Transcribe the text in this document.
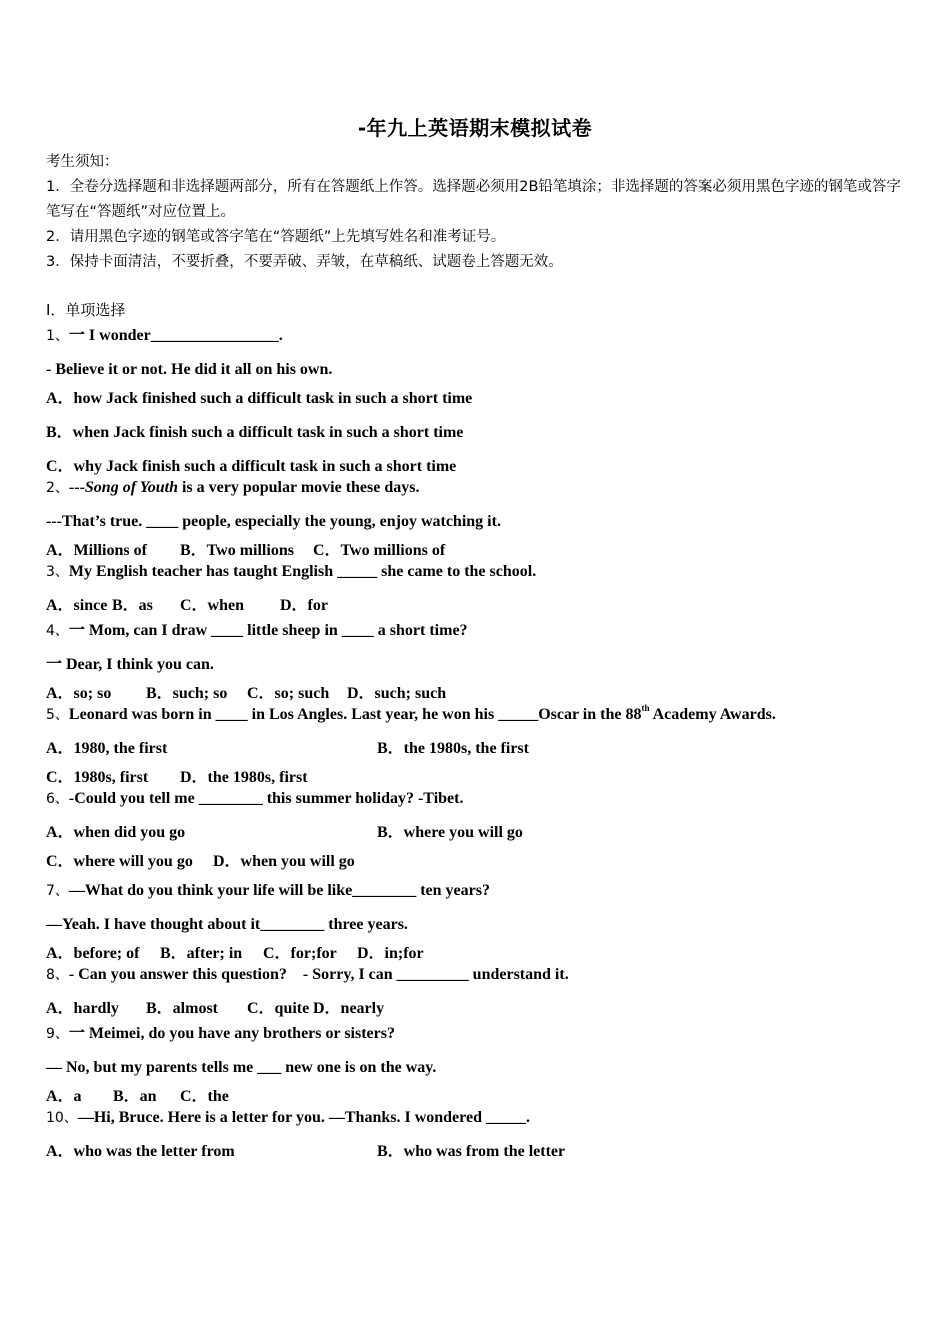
-年九上英语期末模拟试卷
考生须知：
1．全卷分选择题和非选择题两部分，所有在答题纸上作答。选择题必须用2B铅笔填涂；非选择题的答案必须用黑色字迹的钢笔或答字笔写在“答题纸”对应位置上。
2．请用黑色字迹的钢笔或答字笔在“答题纸”上先填写姓名和准考证号。
3．保持卡面清洁，不要折叠，不要弄破、弄皱，在草稿纸、试题卷上答题无效。
Ⅰ．单项选择
1、一 I wonder________________.
- Believe it or not. He did it all on his own.
A．how Jack finished such a difficult task in such a short time
B．when Jack finish such a difficult task in such a short time
C．why Jack finish such a difficult task in such a short time
2、---Song of Youth is a very popular movie these days.
---That’s true. ____ people, especially the young, enjoy watching it.
A．Millions of B．Two millions C．Two millions of
3、My English teacher has taught English _____ she came to the school.
A．since B．as C．when D．for
4、一 Mom, can I draw ____ little sheep in ____ a short time?
一 Dear, I think you can.
A．so; so B．such; so C．so; such D．such; such
5、Leonard was born in ____ in Los Angles. Last year, he won his _____Oscar in the 88th Academy Awards.
A．1980, the first	B．the 1980s, the first
C．1980s, first D．the 1980s, first
6、-Could you tell me ________ this summer holiday? -Tibet.
A．when did you go	B．where you will go
C．where will you go D．when you will go
7、—What do you think your life will be like________ ten years?
—Yeah. I have thought about it________ three years.
A．before; of B．after; in C．for;for D．in;for
8、- Can you answer this question?    - Sorry, I can _________ understand it.
A．hardly B．almost C．quite D．nearly
9、一 Meimei, do you have any brothers or sisters?
— No, but my parents tells me ___ new one is on the way.
A．a B．an C．the
10、—Hi, Bruce. Here is a letter for you. —Thanks. I wondered _____.
A．who was the letter from	B．who was from the letter
